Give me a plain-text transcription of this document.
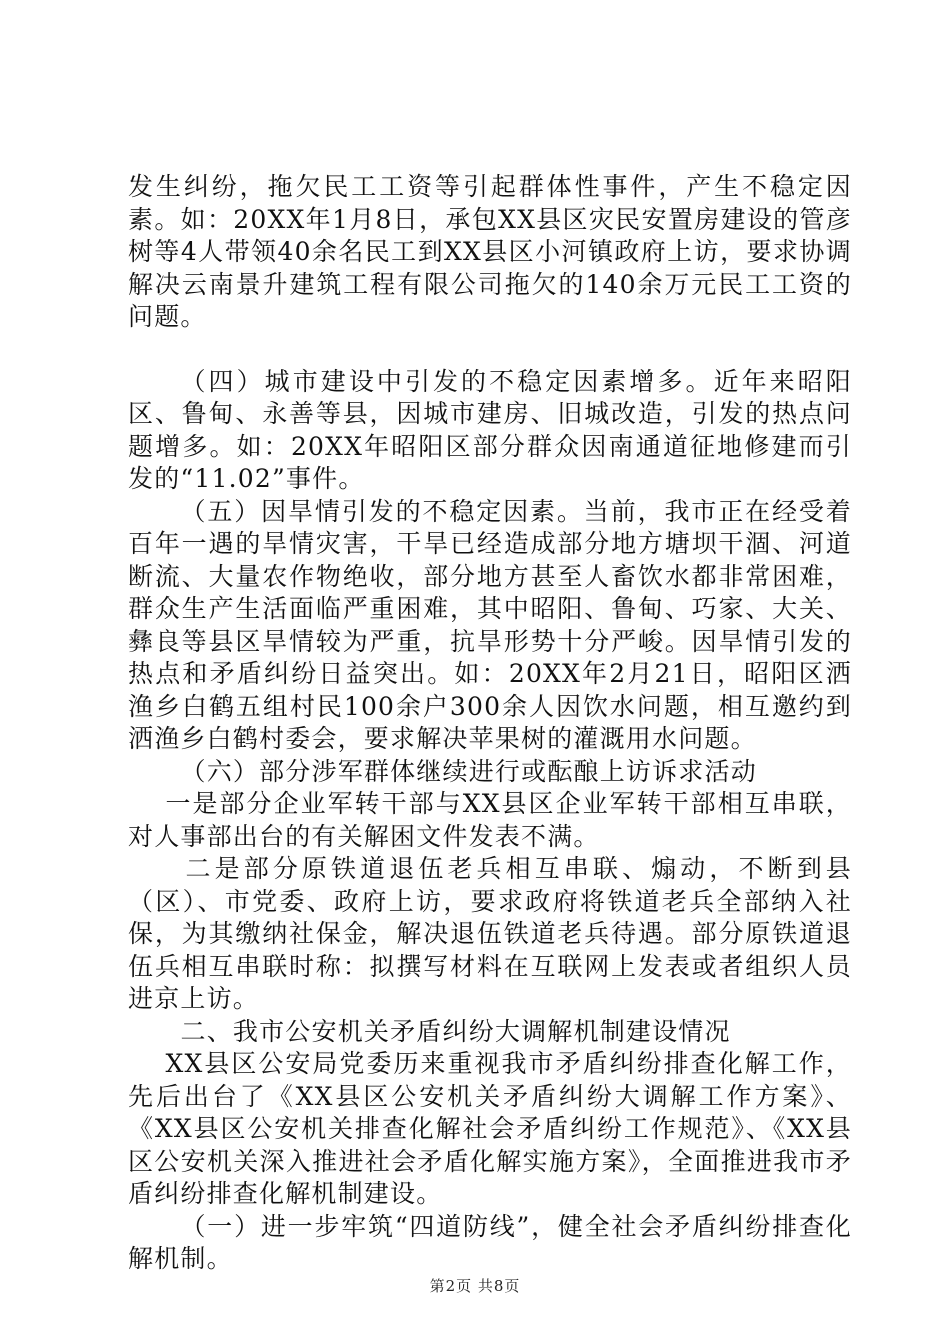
发生纠纷，拖欠民工工资等引起群体性事件，产生不稳定因素。如：20XX年1月8日，承包XX县区灾民安置房建设的管彦树等4人带领40余名民工到XX县区小河镇政府上访，要求协调解决云南景升建筑工程有限公司拖欠的140余万元民工工资的问题。

（四）城市建设中引发的不稳定因素增多。近年来昭阳区、鲁甸、永善等县，因城市建房、旧城改造，引发的热点问题增多。如：20XX年昭阳区部分群众因南通道征地修建而引发的“11.02”事件。

（五）因旱情引发的不稳定因素。当前，我市正在经受着百年一遇的旱情灾害，干旱已经造成部分地方塘坝干涸、河道断流、大量农作物绝收，部分地方甚至人畜饮水都非常困难，群众生产生活面临严重困难，其中昭阳、鲁甸、巧家、大关、彝良等县区旱情较为严重，抗旱形势十分严峻。因旱情引发的热点和矛盾纠纷日益突出。如：20XX年2月21日，昭阳区洒渔乡白鹤五组村民100余户300余人因饮水问题，相互邀约到洒渔乡白鹤村委会，要求解决苹果树的灌溉用水问题。

（六）部分涉军群体继续进行或酝酿上访诉求活动

一是部分企业军转干部与XX县区企业军转干部相互串联，对人事部出台的有关解困文件发表不满。

二是部分原铁道退伍老兵相互串联、煽动，不断到县（区）、市党委、政府上访，要求政府将铁道老兵全部纳入社保，为其缴纳社保金，解决退伍铁道老兵待遇。部分原铁道退伍兵相互串联时称：拟撰写材料在互联网上发表或者组织人员进京上访。

二、我市公安机关矛盾纠纷大调解机制建设情况

XX县区公安局党委历来重视我市矛盾纠纷排查化解工作，先后出台了《XX县区公安机关矛盾纠纷大调解工作方案》、《XX县区公安机关排查化解社会矛盾纠纷工作规范》、《XX县区公安机关深入推进社会矛盾化解实施方案》，全面推进我市矛盾纠纷排查化解机制建设。

（一）进一步牢筑“四道防线”，健全社会矛盾纠纷排查化解机制。

第2页 共8页
